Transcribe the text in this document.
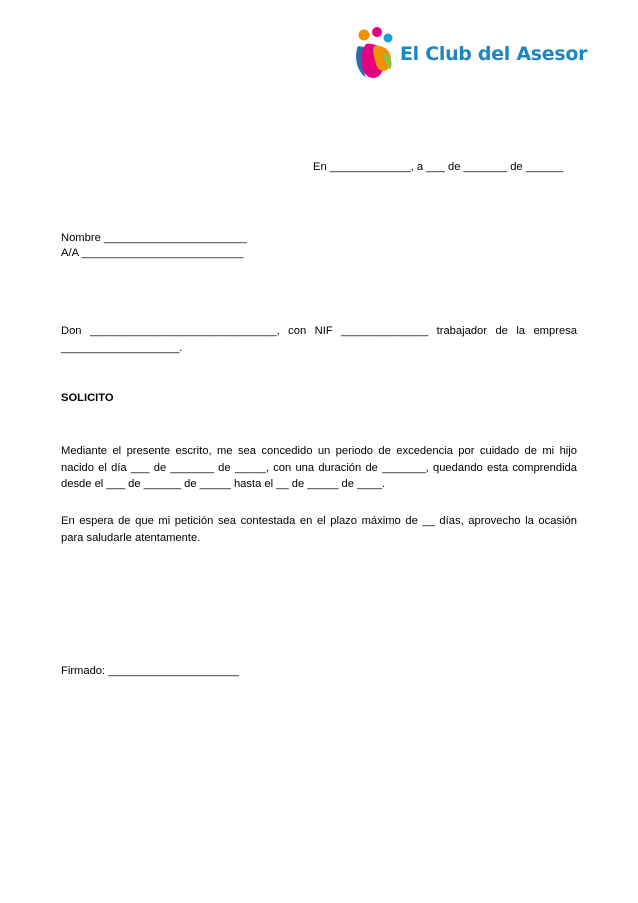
El Club del Asesor
En _____________, a ___ de _______ de ______
Nombre _______________________
A/A __________________________
Don ______________________________, con NIF ______________ trabajador de la empresa ___________________.
SOLICITO
Mediante el presente escrito, me sea concedido un periodo de excedencia por cuidado de mi hijo nacido el día ___ de _______ de _____, con una duración de _______, quedando esta comprendida desde el ___ de ______ de _____ hasta el __ de _____ de ____.
En espera de que mi petición sea contestada en el plazo máximo de __ días, aprovecho la ocasión para saludarle atentamente.
Firmado: _____________________
